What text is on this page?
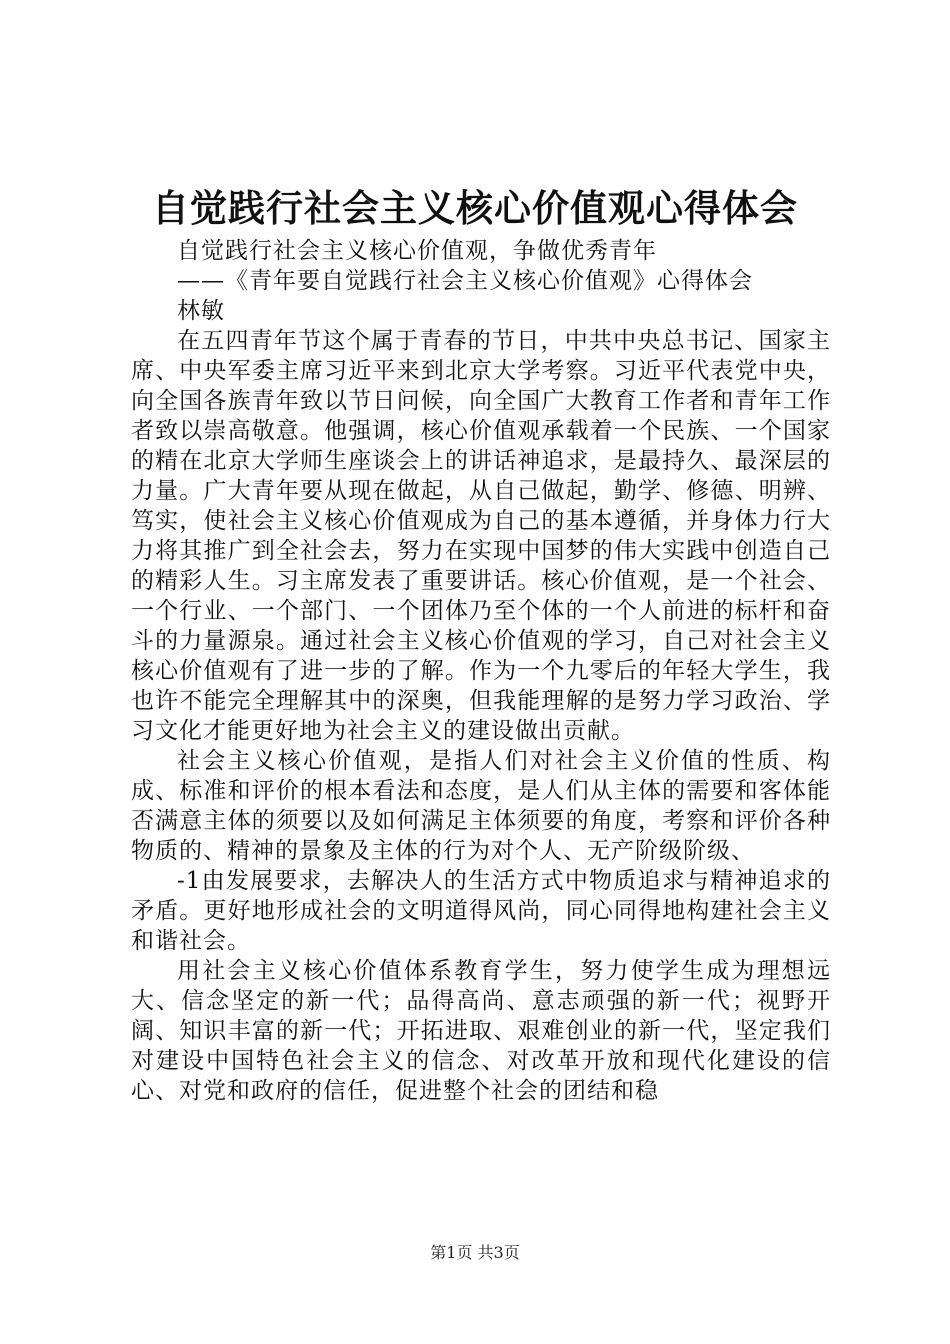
自觉践行社会主义核心价值观心得体会

自觉践行社会主义核心价值观，争做优秀青年

——《青年要自觉践行社会主义核心价值观》心得体会

林敏

在五四青年节这个属于青春的节日，中共中央总书记、国家主席、中央军委主席习近平来到北京大学考察。习近平代表党中央，向全国各族青年致以节日问候，向全国广大教育工作者和青年工作者致以崇高敬意。他强调，核心价值观承载着一个民族、一个国家的精在北京大学师生座谈会上的讲话神追求，是最持久、最深层的力量。广大青年要从现在做起，从自己做起，勤学、修德、明辨、笃实，使社会主义核心价值观成为自己的基本遵循，并身体力行大力将其推广到全社会去，努力在实现中国梦的伟大实践中创造自己的精彩人生。习主席发表了重要讲话。核心价值观，是一个社会、一个行业、一个部门、一个团体乃至个体的一个人前进的标杆和奋斗的力量源泉。通过社会主义核心价值观的学习，自己对社会主义核心价值观有了进一步的了解。作为一个九零后的年轻大学生，我也许不能完全理解其中的深奥，但我能理解的是努力学习政治、学习文化才能更好地为社会主义的建设做出贡献。

社会主义核心价值观，是指人们对社会主义价值的性质、构成、标准和评价的根本看法和态度，是人们从主体的需要和客体能否满意主体的须要以及如何满足主体须要的角度，考察和评价各种物质的、精神的景象及主体的行为对个人、无产阶级阶级、

-1由发展要求，去解决人的生活方式中物质追求与精神追求的矛盾。更好地形成社会的文明道得风尚，同心同得地构建社会主义和谐社会。

用社会主义核心价值体系教育学生，努力使学生成为理想远大、信念坚定的新一代；品得高尚、意志顽强的新一代；视野开阔、知识丰富的新一代；开拓进取、艰难创业的新一代，坚定我们对建设中国特色社会主义的信念、对改革开放和现代化建设的信心、对党和政府的信任，促进整个社会的团结和稳

第1页 共3页
